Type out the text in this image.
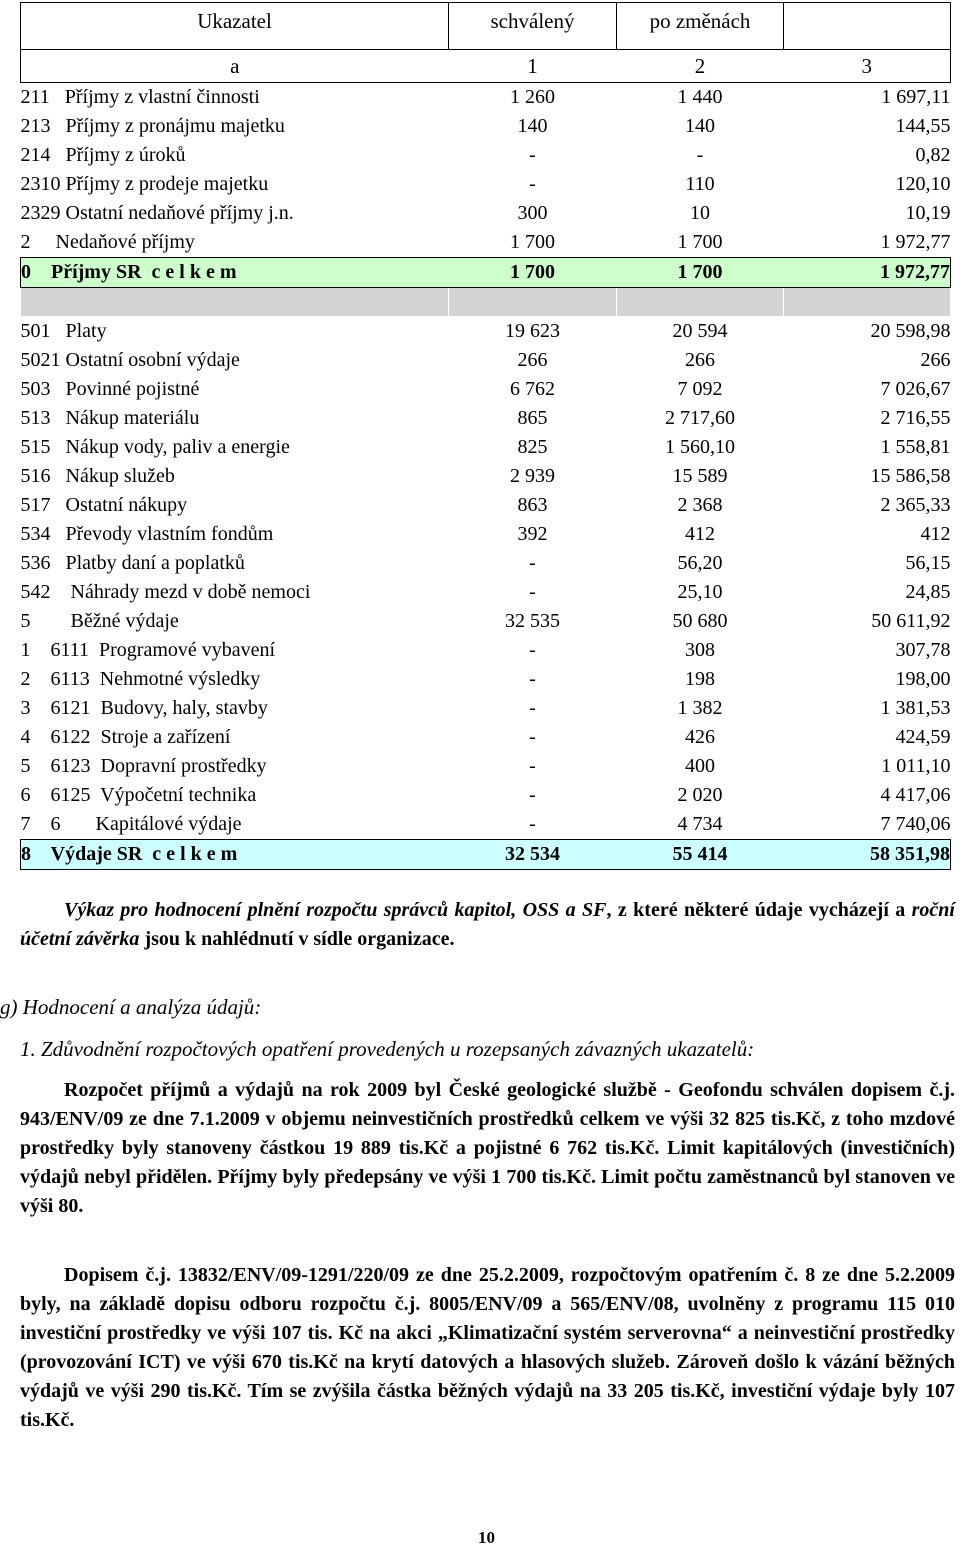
Ukazatel	schválený	po změnách	

a	1	2	3
211   Příjmy z vlastní činnosti	1 260	1 440	1 697,11
213   Příjmy z pronájmu majetku	140	140	144,55
214   Příjmy z úroků	-	-	0,82
2310 Příjmy z prodeje majetku	-	110	120,10
2329 Ostatní nedaňové příjmy j.n.	300	10	10,19
2     Nedaňové příjmy	1 700	1 700	1 972,77
0    Příjmy SR  c e l k e m	1 700	1 700	1 972,77

501   Platy	19 623	20 594	20 598,98
5021 Ostatní osobní výdaje	266	266	266
503   Povinné pojistné	6 762	7 092	7 026,67
513   Nákup materiálu	865	2 717,60	2 716,55
515   Nákup vody, paliv a energie	825	1 560,10	1 558,81
516   Nákup služeb	2 939	15 589	15 586,58
517   Ostatní nákupy	863	2 368	2 365,33
534   Převody vlastním fondům	392	412	412
536   Platby daní a poplatků	-	56,20	56,15
542    Náhrady mezd v době nemoci	-	25,10	24,85
5        Běžné výdaje	32 535	50 680	50 611,92
1    6111  Programové vybavení	-	308	307,78
2    6113  Nehmotné výsledky	-	198	198,00
3    6121  Budovy, haly, stavby	-	1 382	1 381,53
4    6122  Stroje a zařízení	-	426	424,59
5    6123  Dopravní prostředky	-	400	1 011,10
6    6125  Výpočetní technika	-	2 020	4 417,06
7    6       Kapitálové výdaje	-	4 734	7 740,06
8    Výdaje SR  c e l k e m	32 534	55 414	58 351,98
Výkaz pro hodnocení plnění rozpočtu správců kapitol, OSS a SF, z které některé údaje vycházejí a roční účetní závěrka jsou k nahlédnutí v sídle organizace.
g) Hodnocení a analýza údajů:
1. Zdůvodnění rozpočtových opatření provedených u rozepsaných závazných ukazatelů:
Rozpočet příjmů a výdajů na rok 2009 byl České geologické službě - Geofondu schválen dopisem č.j. 943/ENV/09 ze dne 7.1.2009 v objemu neinvestičních prostředků celkem ve výši 32 825 tis.Kč, z toho mzdové prostředky byly stanoveny částkou 19 889 tis.Kč a pojistné 6 762 tis.Kč. Limit kapitálových (investičních) výdajů nebyl přidělen. Příjmy byly předepsány ve výši 1 700 tis.Kč. Limit počtu zaměstnanců byl stanoven ve výši 80.
Dopisem č.j. 13832/ENV/09-1291/220/09 ze dne 25.2.2009, rozpočtovým opatřením č. 8 ze dne 5.2.2009 byly, na základě dopisu odboru rozpočtu č.j. 8005/ENV/09 a 565/ENV/08, uvolněny z programu 115 010 investiční prostředky ve výši 107 tis. Kč na akci „Klimatizační systém serverovna“ a neinvestiční prostředky (provozování ICT) ve výši 670 tis.Kč na krytí datových a hlasových služeb. Zároveň došlo k vázání běžných výdajů ve výši 290 tis.Kč. Tím se zvýšila částka běžných výdajů na 33 205 tis.Kč, investiční výdaje byly 107 tis.Kč.
10
